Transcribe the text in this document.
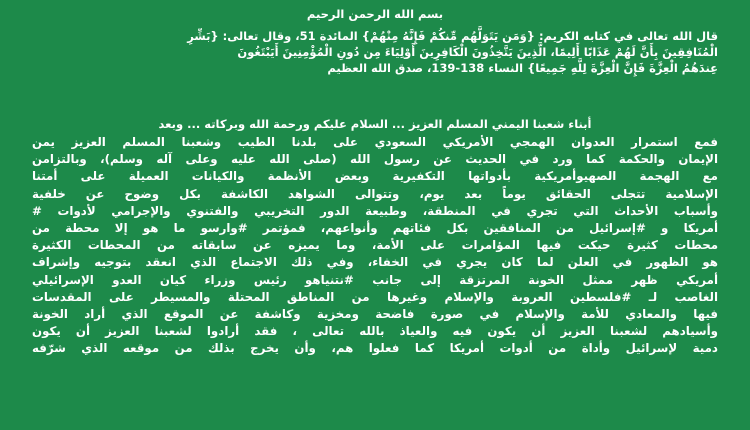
بسم الله الرحمن الرحيم

قال الله تعالى في كتابه الكريم: {وَمَن يَتَوَلَّهُم مِّنكُمْ فَإِنَّهُ مِنْهُمْ} المائدة 51، وقال تعالى: {بَشِّرِ

الْمُنَافِقِينَ بِأَنَّ لَهُمْ عَذَابًا أَلِيمًا، الَّذِينَ يَتَّخِذُونَ الْكَافِرِينَ أَوْلِيَاءَ مِن دُونِ الْمُؤْمِنِينَ أَيَبْتَغُونَ

عِندَهُمُ الْعِزَّةَ فَإِنَّ الْعِزَّةَ لِلَّهِ جَمِيعًا} النساء 138-139، صدق الله العظيم

أبناء شعبنا اليمني المسلم العزيز ... السلام عليكم ورحمة الله وبركاته ... وبعد

فمع استمرار العدوان الهمجي الأمريكي السعودي على بلدنا الطيب وشعبنا المسلم العزيز يمن

الإيمان والحكمة كما ورد في الحديث عن رسول الله (صلى الله عليه وعلى آله وسلم)، وبالتزامن

مع الهجمة الصهيوأمريكية بأدواتها التكفيرية وبعض الأنظمة والكيانات العميلة على أمتنا

الإسلامية تتجلى الحقائق يوماً بعد يوم، وتتوالى الشواهد الكاشفة بكل وضوح عن خلفية

وأسباب الأحداث التي تجري في المنطقة، وطبيعة الدور التخريبي والفتنوي والإجرامي لأدوات #

أمريكا و #إسرائيل من المنافقين بكل فئاتهم وأنواعهم، فمؤتمر #وارسو ما هو إلا محطة من

محطات كثيرة حيكت فيها المؤامرات على الأمة، وما يميزه عن سابقاته من المحطات الكثيرة

هو الظهور في العلن لما كان يجري في الخفاء، وفي ذلك الاجتماع الذي انعقد بتوجيه وإشراف

أمريكي ظهر ممثل الخونة المرتزقة إلى جانب #نتنياهو رئيس وزراء كيان العدو الإسرائيلي

الغاصب لـ #فلسطين العروبة والإسلام وغيرها من المناطق المحتلة والمسيطر على المقدسات

فيها والمعادي للأمة والإسلام في صورة فاضحة ومخزية وكاشفة عن الموقع الذي أراد الخونة

وأسيادهم لشعبنا العزيز أن يكون فيه والعياذ بالله تعالى ، فقد أرادوا لشعبنا العزيز أن يكون

دمية لإسرائيل وأداة من أدوات أمريكا كما فعلوا هم، وأن يخرج بذلك من موقعه الذي شرّفه
